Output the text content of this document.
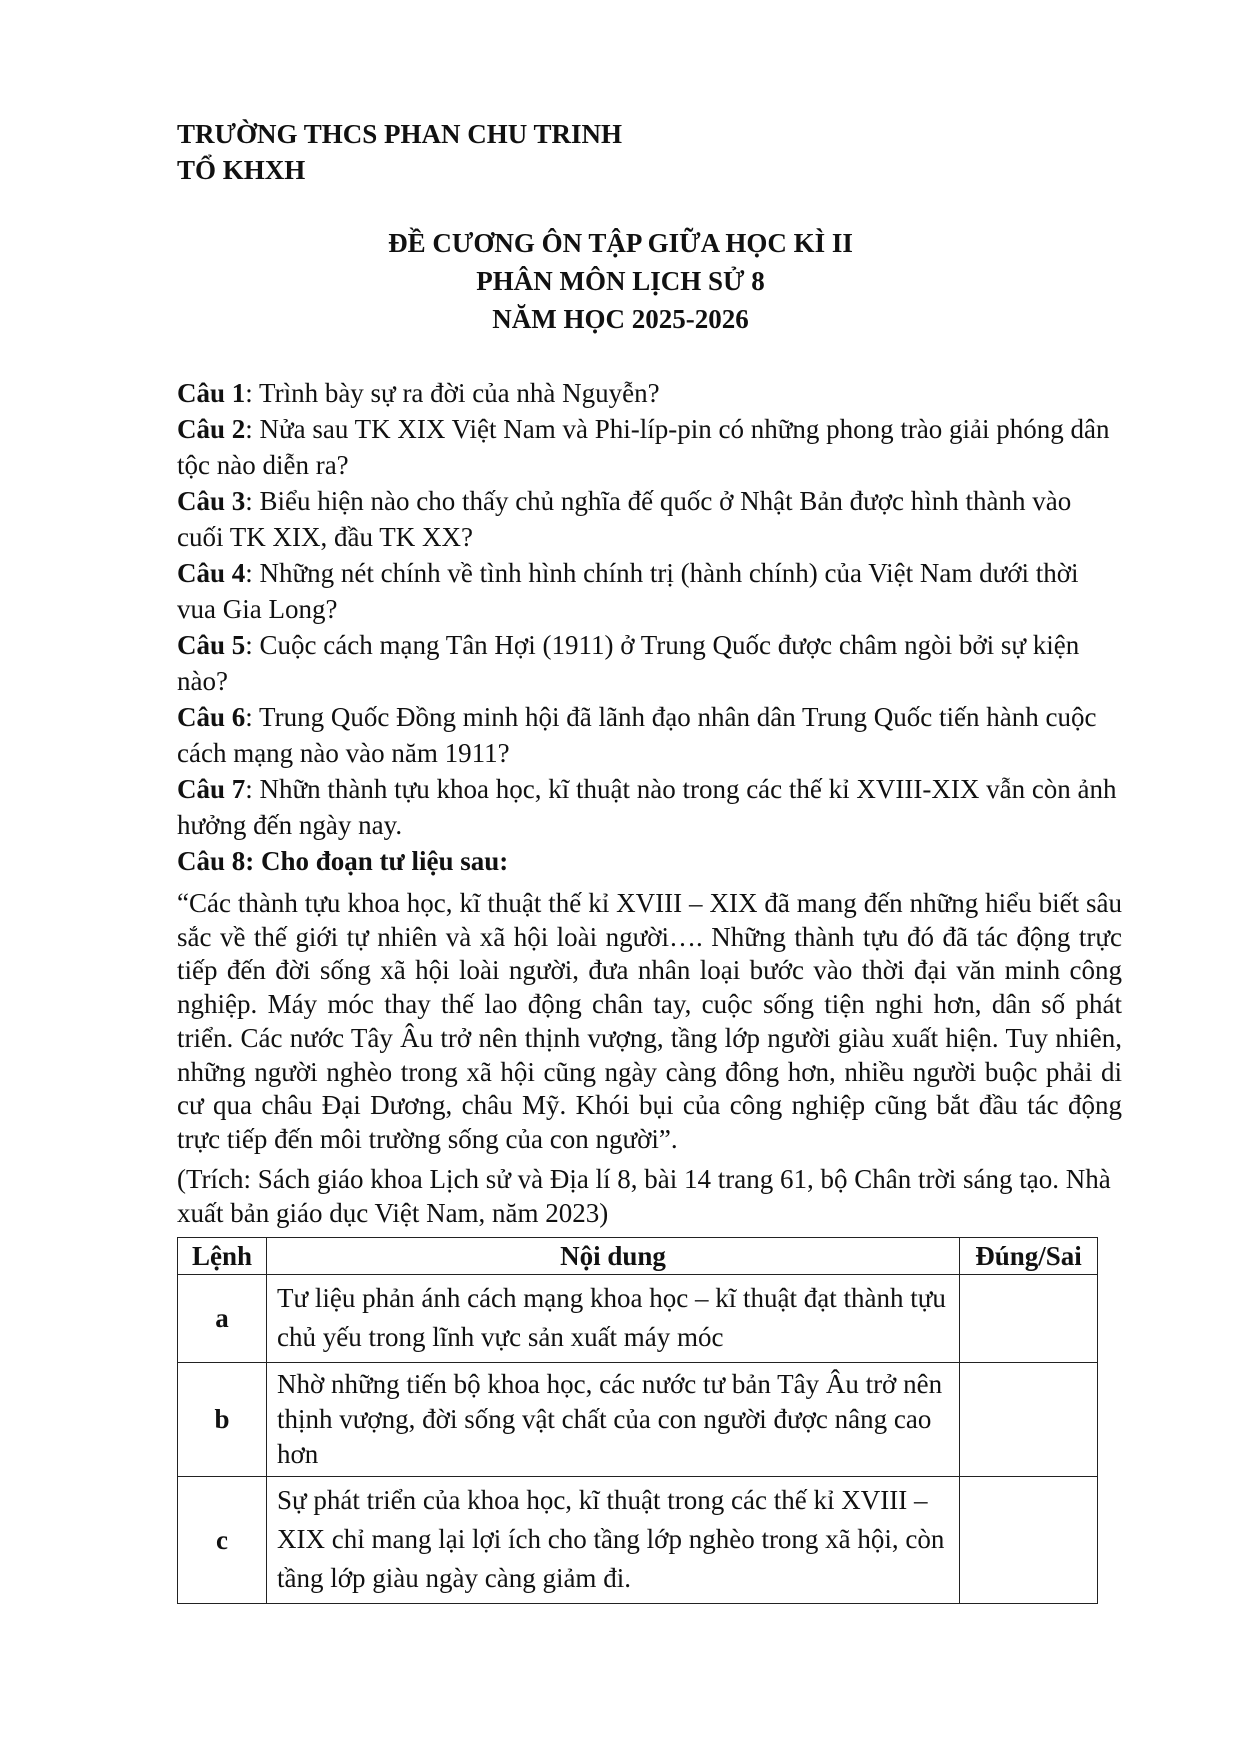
TRƯỜNG THCS PHAN CHU TRINH
TỔ KHXH
ĐỀ CƯƠNG ÔN TẬP GIỮA HỌC KÌ II
PHÂN MÔN LỊCH SỬ 8
NĂM HỌC 2025-2026
Câu 1: Trình bày sự ra đời của nhà Nguyễn?
Câu 2: Nửa sau TK XIX Việt Nam và Phi-líp-pin có những phong trào giải phóng dân tộc nào diễn ra?
Câu 3: Biểu hiện nào cho thấy chủ nghĩa đế quốc ở Nhật Bản được hình thành vào cuối TK XIX, đầu TK XX?
Câu 4: Những nét chính về tình hình chính trị (hành chính) của Việt Nam dưới thời vua Gia Long?
Câu 5: Cuộc cách mạng Tân Hợi (1911) ở Trung Quốc được châm ngòi bởi sự kiện nào?
Câu 6: Trung Quốc Đồng minh hội đã lãnh đạo nhân dân Trung Quốc tiến hành cuộc cách mạng nào vào năm 1911?
Câu 7: Nhữn thành tựu khoa học, kĩ thuật nào trong các thế kỉ XVIII-XIX vẫn còn ảnh hưởng đến ngày nay.
Câu 8: Cho đoạn tư liệu sau:
“Các thành tựu khoa học, kĩ thuật thế kỉ XVIII – XIX đã mang đến những hiểu biết sâu sắc về thế giới tự nhiên và xã hội loài người…. Những thành tựu đó đã tác động trực tiếp đến đời sống xã hội loài người, đưa nhân loại bước vào thời đại văn minh công nghiệp. Máy móc thay thế lao động chân tay, cuộc sống tiện nghi hơn, dân số phát triển. Các nước Tây Âu trở nên thịnh vượng, tầng lớp người giàu xuất hiện. Tuy nhiên, những người nghèo trong xã hội cũng ngày càng đông hơn, nhiều người buộc phải di cư qua châu Đại Dương, châu Mỹ. Khói bụi của công nghiệp cũng bắt đầu tác động trực tiếp đến môi trường sống của con người”.
(Trích: Sách giáo khoa Lịch sử và Địa lí 8, bài 14 trang 61, bộ Chân trời sáng tạo. Nhà xuất bản giáo dục Việt Nam, năm 2023)
Lệnh	Nội dung	Đúng/Sai
a	Tư liệu phản ánh cách mạng khoa học – kĩ thuật đạt thành tựu chủ yếu trong lĩnh vực sản xuất máy móc	
b	Nhờ những tiến bộ khoa học, các nước tư bản Tây Âu trở nên thịnh vượng, đời sống vật chất của con người được nâng cao hơn	
c	Sự phát triển của khoa học, kĩ thuật trong các thế kỉ XVIII – XIX chỉ mang lại lợi ích cho tầng lớp nghèo trong xã hội, còn tầng lớp giàu ngày càng giảm đi.	
